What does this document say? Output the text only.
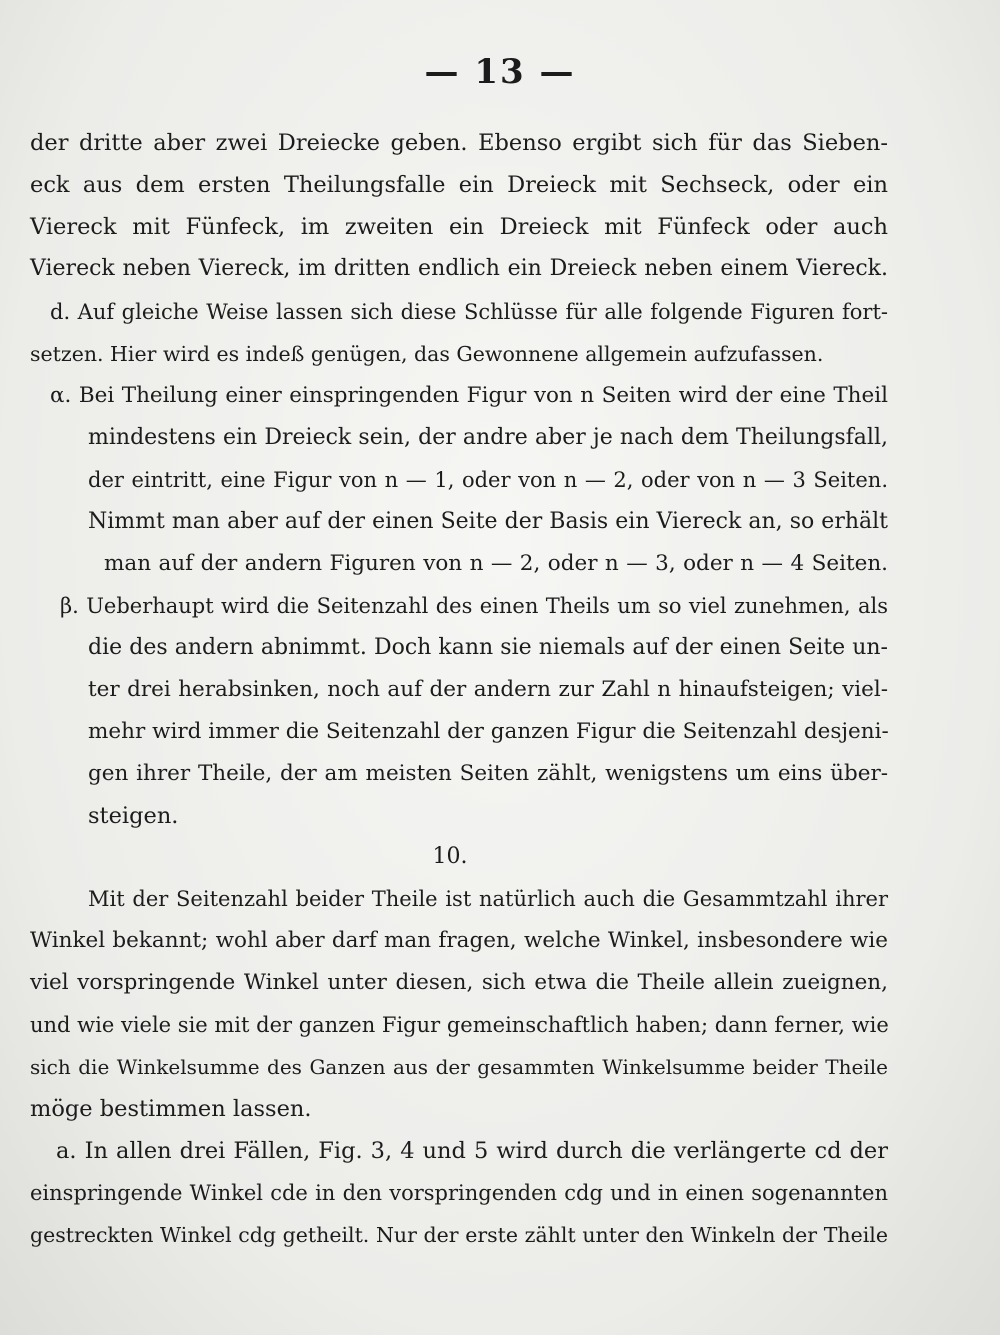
— 13 —
der dritte aber zwei Dreiecke geben. Ebenso ergibt sich für das Sieben-
eck aus dem ersten Theilungsfalle ein Dreieck mit Sechseck, oder ein
Viereck mit Fünfeck, im zweiten ein Dreieck mit Fünfeck oder auch
Viereck neben Viereck, im dritten endlich ein Dreieck neben einem Viereck.
d. Auf gleiche Weise lassen sich diese Schlüsse für alle folgende Figuren fort-
setzen. Hier wird es indeß genügen, das Gewonnene allgemein aufzufassen.
α. Bei Theilung einer einspringenden Figur von n Seiten wird der eine Theil
mindestens ein Dreieck sein, der andre aber je nach dem Theilungsfall,
der eintritt, eine Figur von n — 1, oder von n — 2, oder von n — 3 Seiten.
Nimmt man aber auf der einen Seite der Basis ein Viereck an, so erhält
man auf der andern Figuren von n — 2, oder n — 3, oder n — 4 Seiten.
β. Ueberhaupt wird die Seitenzahl des einen Theils um so viel zunehmen, als
die des andern abnimmt. Doch kann sie niemals auf der einen Seite un-
ter drei herabsinken, noch auf der andern zur Zahl n hinaufsteigen; viel-
mehr wird immer die Seitenzahl der ganzen Figur die Seitenzahl desjeni-
gen ihrer Theile, der am meisten Seiten zählt, wenigstens um eins über-
steigen.
10.
Mit der Seitenzahl beider Theile ist natürlich auch die Gesammtzahl ihrer
Winkel bekannt; wohl aber darf man fragen, welche Winkel, insbesondere wie
viel vorspringende Winkel unter diesen, sich etwa die Theile allein zueignen,
und wie viele sie mit der ganzen Figur gemeinschaftlich haben; dann ferner, wie
sich die Winkelsumme des Ganzen aus der gesammten Winkelsumme beider Theile
möge bestimmen lassen.
a. In allen drei Fällen, Fig. 3, 4 und 5 wird durch die verlängerte cd der
einspringende Winkel cde in den vorspringenden cdg und in einen sogenannten
gestreckten Winkel cdg getheilt. Nur der erste zählt unter den Winkeln der Theile
